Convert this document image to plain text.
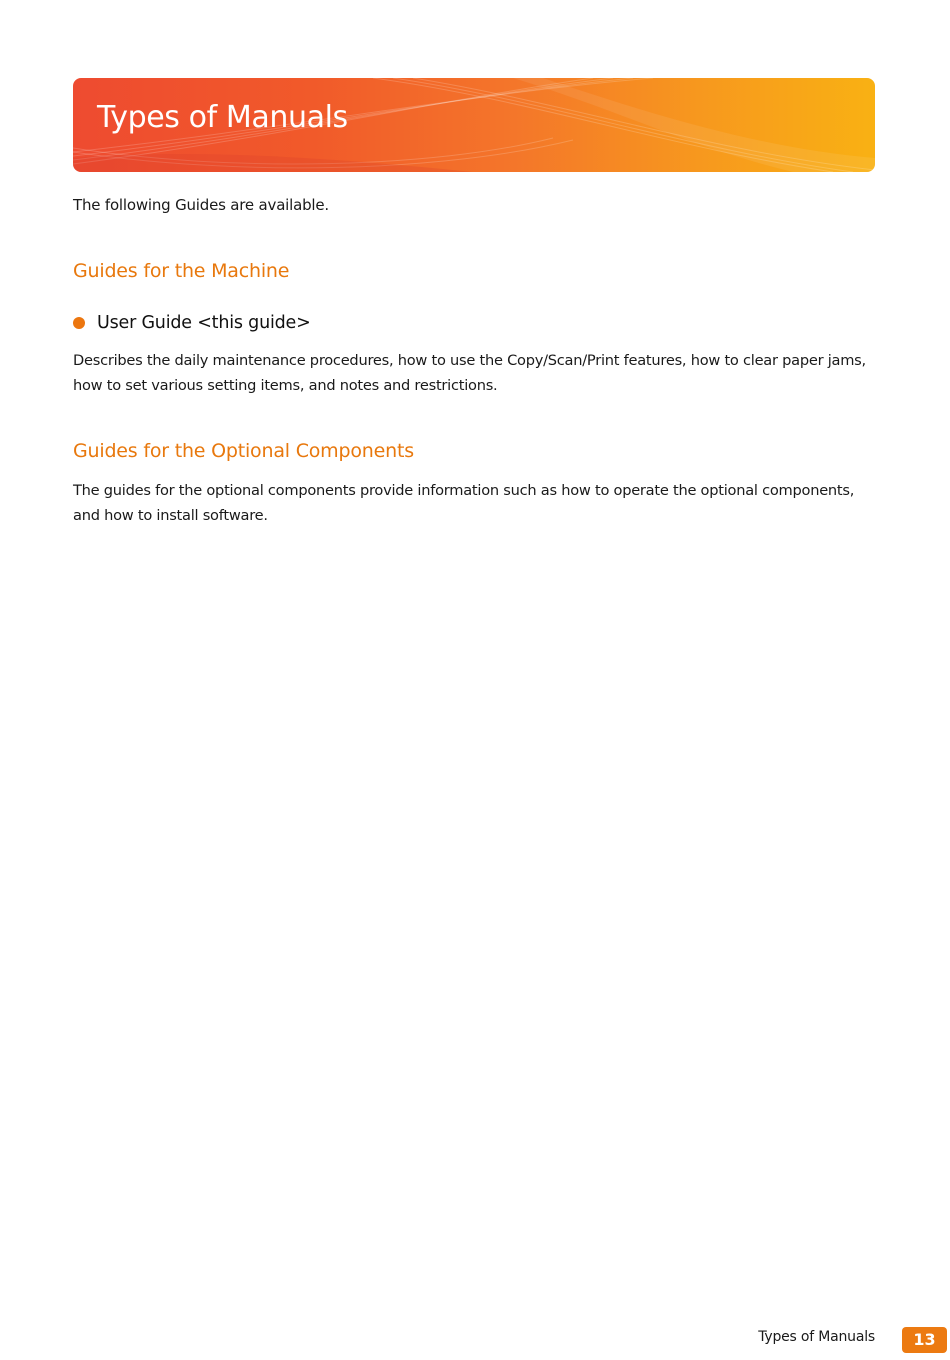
Types of Manuals

The following Guides are available.

Guides for the Machine
User Guide <this guide>

Describes the daily maintenance procedures, how to use the Copy/Scan/Print features, how to clear paper jams, how to set various setting items, and notes and restrictions.

Guides for the Optional Components

The guides for the optional components provide information such as how to operate the optional components, and how to install software.

Types of Manuals	13
